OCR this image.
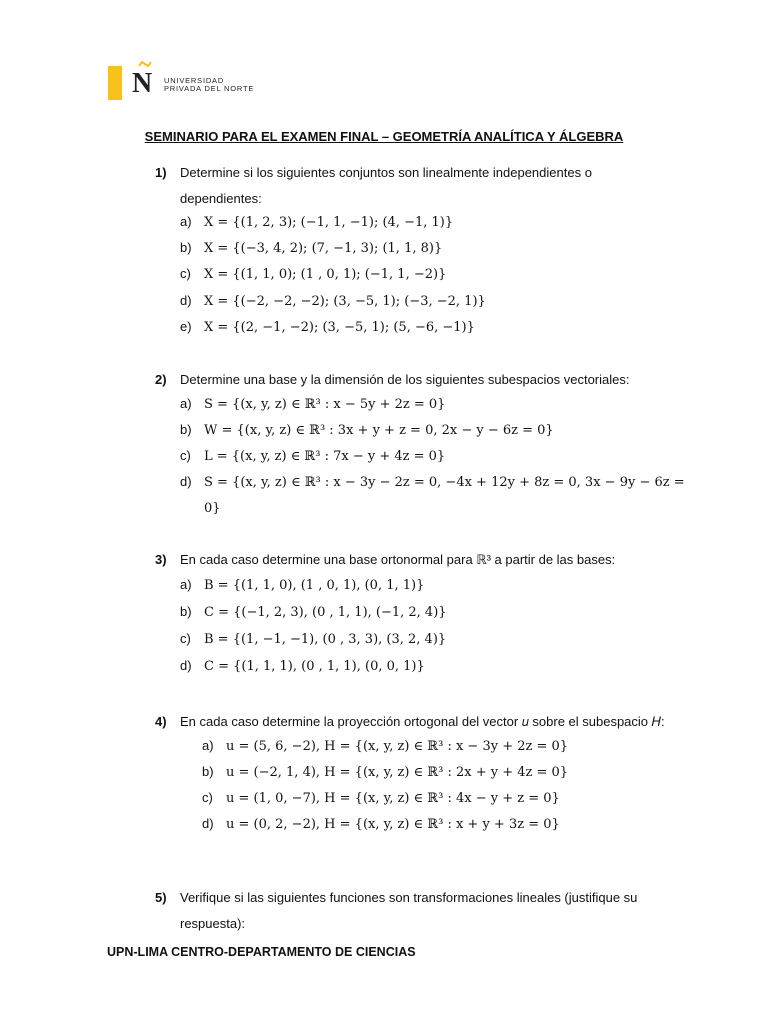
N UNIVERSIDAD
PRIVADA DEL NORTE
SEMINARIO PARA EL EXAMEN FINAL – GEOMETRÍA ANALÍTICA Y ÁLGEBRA
1) Determine si los siguientes conjuntos son linealmente independientes o dependientes:
a) X = {(1, 2, 3); (−1, 1, −1); (4, −1, 1)}
b) X = {(−3, 4, 2); (7, −1, 3); (1, 1, 8)}
c) X = {(1, 1, 0); (1 , 0, 1); (−1, 1, −2)}
d) X = {(−2, −2, −2); (3, −5, 1); (−3, −2, 1)}
e) X = {(2, −1, −2); (3, −5, 1); (5, −6, −1)}
2) Determine una base y la dimensión de los siguientes subespacios vectoriales:
a) S = {(x, y, z) ∈ ℝ³ : x − 5y + 2z = 0}
b) W = {(x, y, z) ∈ ℝ³ : 3x + y + z = 0, 2x − y − 6z = 0}
c) L = {(x, y, z) ∈ ℝ³ : 7x − y + 4z = 0}
d) S = {(x, y, z) ∈ ℝ³ : x − 3y − 2z = 0, −4x + 12y + 8z = 0, 3x − 9y − 6z =
0}
3) En cada caso determine una base ortonormal para ℝ³ a partir de las bases:
a) B = {(1, 1, 0), (1 , 0, 1), (0, 1, 1)}
b) C = {(−1, 2, 3), (0 , 1, 1), (−1, 2, 4)}
c) B = {(1, −1, −1), (0 , 3, 3), (3, 2, 4)}
d) C = {(1, 1, 1), (0 , 1, 1), (0, 0, 1)}
4) En cada caso determine la proyección ortogonal del vector 𝑢 sobre el subespacio 𝐻:
a) u = (5, 6, −2), H = {(x, y, z) ∈ ℝ³ : x − 3y + 2z = 0}
b) u = (−2, 1, 4), H = {(x, y, z) ∈ ℝ³ : 2x + y + 4z = 0}
c) u = (1, 0, −7), H = {(x, y, z) ∈ ℝ³ : 4x − y + z = 0}
d) u = (0, 2, −2), H = {(x, y, z) ∈ ℝ³ : x + y + 3z = 0}
5) Verifique si las siguientes funciones son transformaciones lineales (justifique su respuesta):
UPN-LIMA CENTRO-DEPARTAMENTO DE CIENCIAS
